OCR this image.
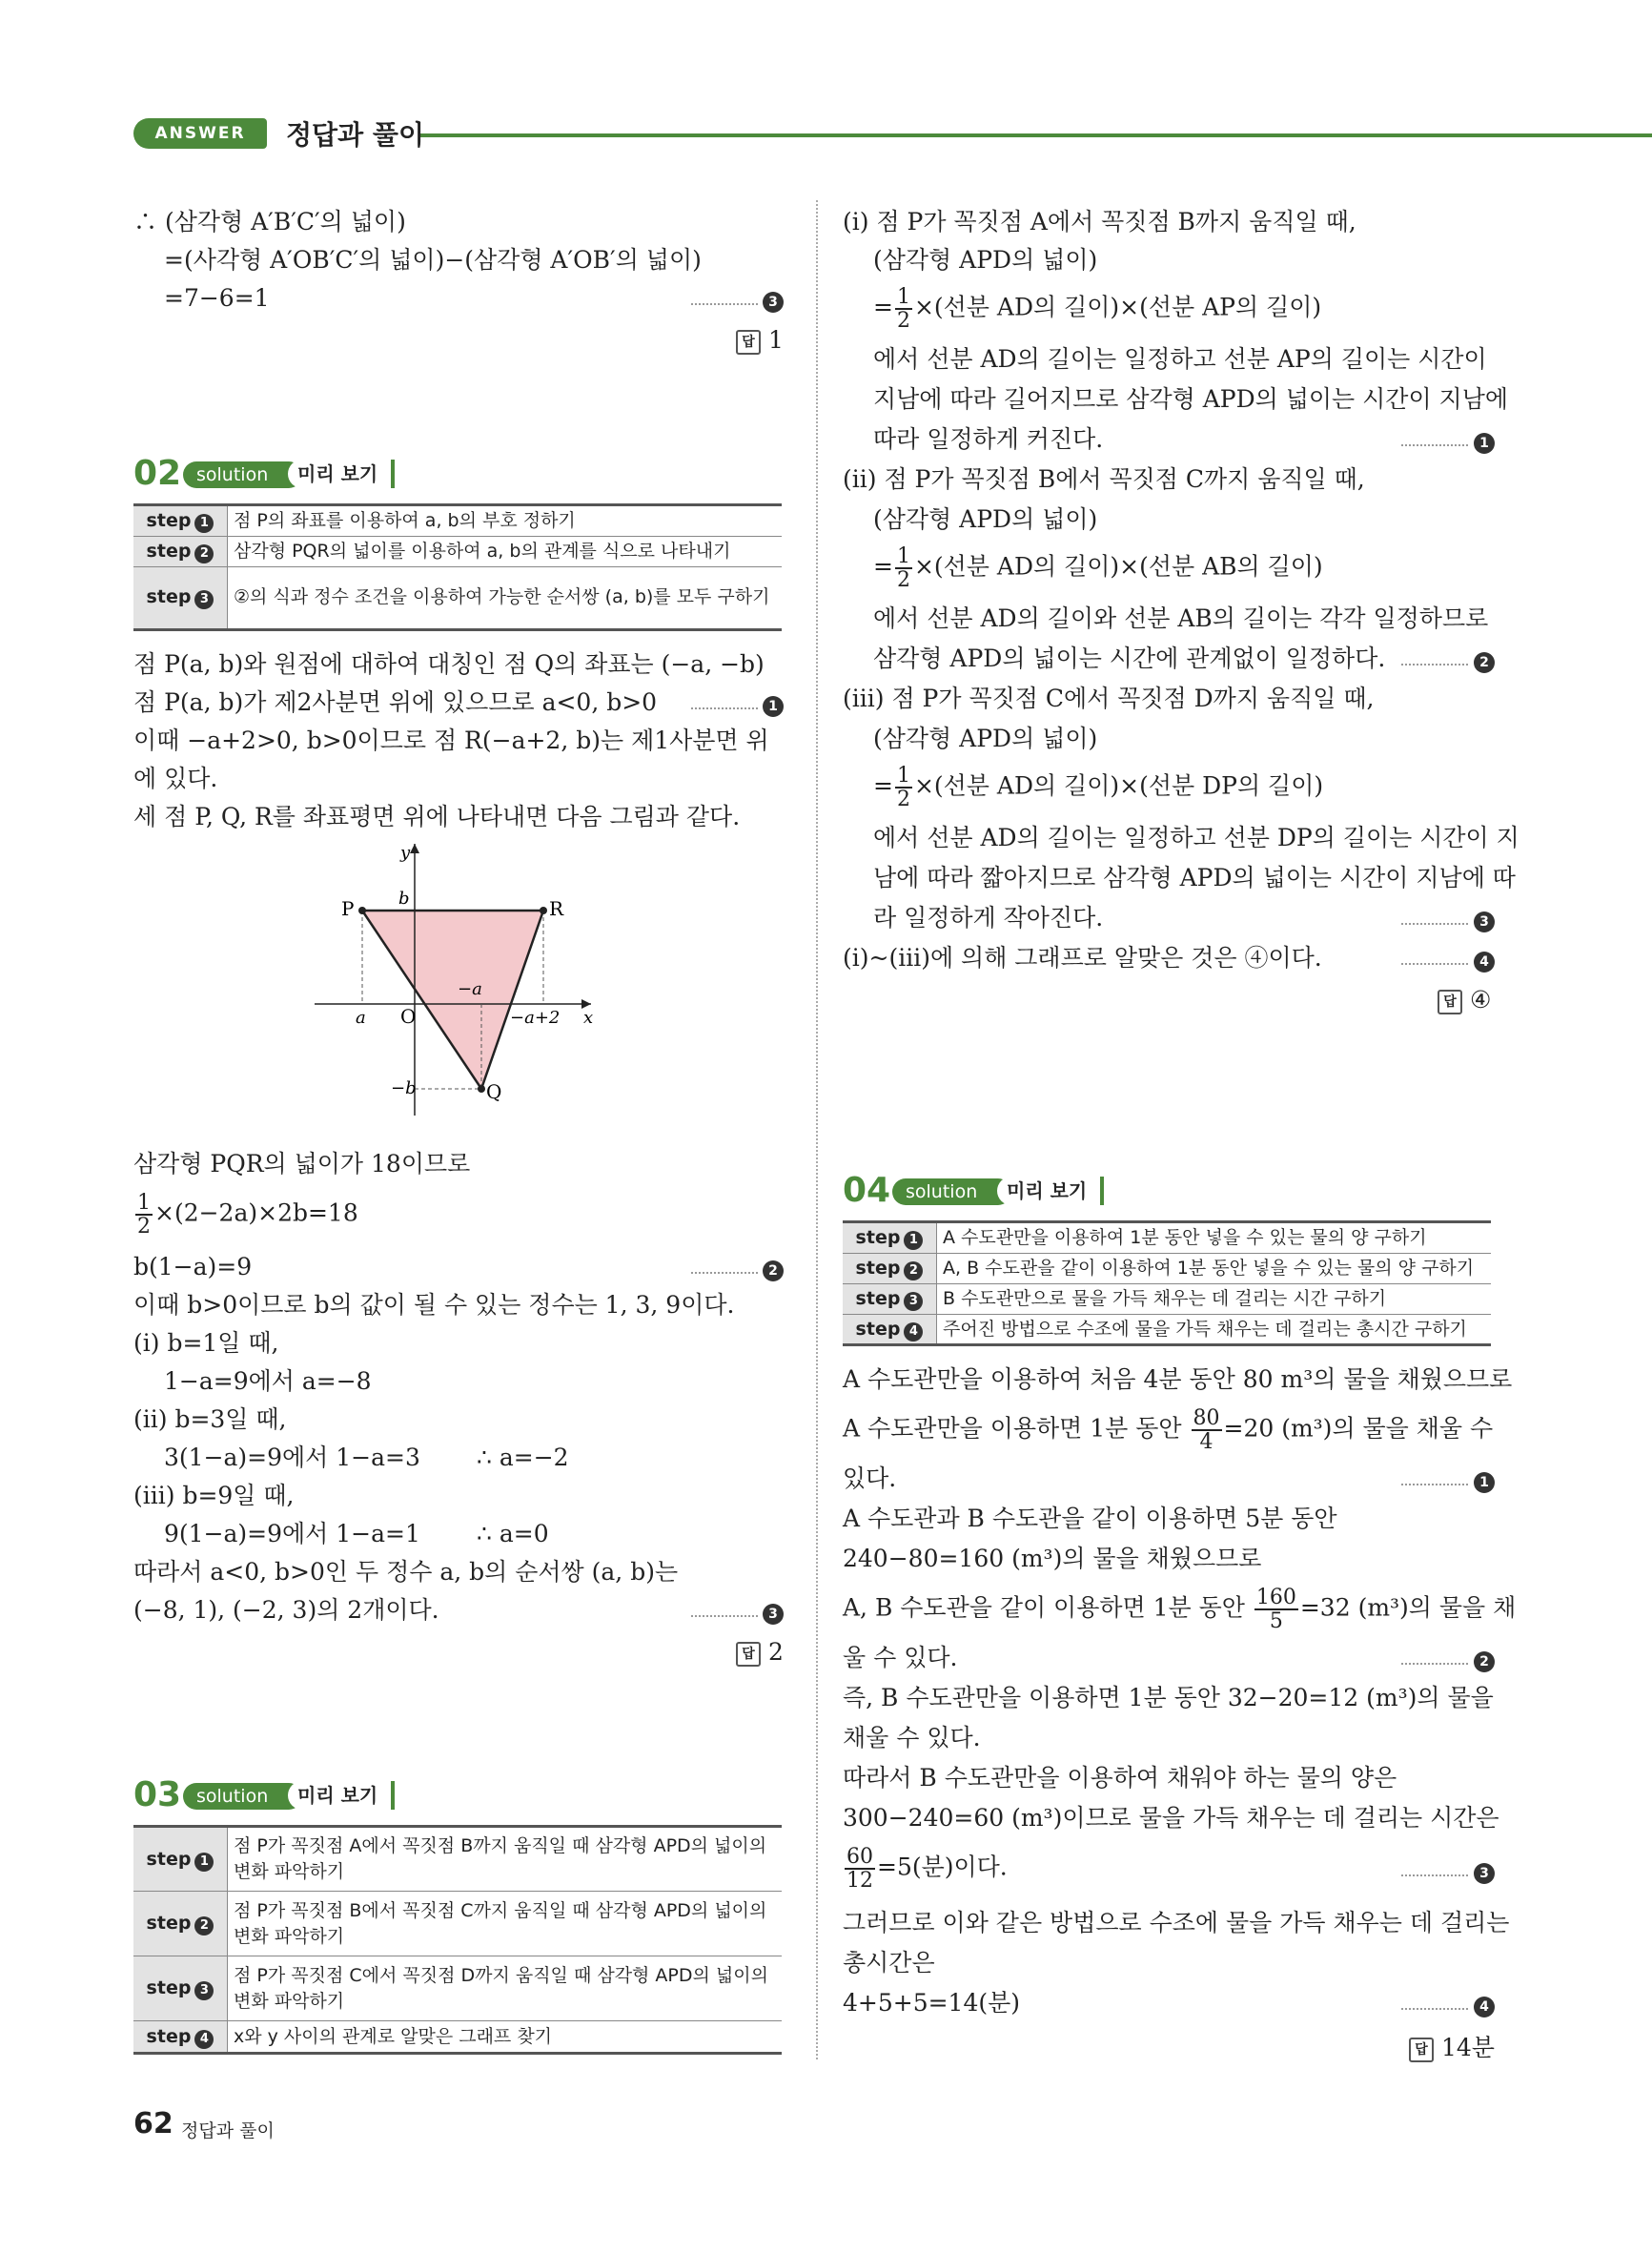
ANSWER	정답과 풀이
∴ (삼각형 A′B′C′의 넓이)
=(사각형 A′OB′C′의 넓이)−(삼각형 A′OB′의 넓이)
=7−6=1	3
답 1
02 solution	미리 보기
step 1	점 P의 좌표를 이용하여 a, b의 부호 정하기
step 2	삼각형 PQR의 넓이를 이용하여 a, b의 관계를 식으로 나타내기
step 3	②의 식과 정수 조건을 이용하여 가능한 순서쌍 (a, b)를 모두 구하기
점 P(a, b)와 원점에 대하여 대칭인 점 Q의 좌표는 (−a, −b)
점 P(a, b)가 제2사분면 위에 있으므로 a<0, b>0	1
이때 −a+2>0, b>0이므로 점 R(−a+2, b)는 제1사분면 위
에 있다.
세 점 P, Q, R를 좌표평면 위에 나타내면 다음 그림과 같다.
y
x
b
P	R
O
a
−a
−a+2
−b	Q
삼각형 PQR의 넓이가 18이므로
$\frac{1}{2} \times(2-2a)\times 2b=18$
b(1−a)=9	2
이때 b>0이므로 b의 값이 될 수 있는 정수는 1, 3, 9이다.
(ⅰ) b=1일 때,
1−a=9에서 a=−8
(ⅱ) b=3일 때,
3(1−a)=9에서 1−a=3 ∴ a=−2
(ⅲ) b=9일 때,
9(1−a)=9에서 1−a=1 ∴ a=0
따라서 a<0, b>0인 두 정수 a, b의 순서쌍 (a, b)는
(−8, 1), (−2, 3)의 2개이다.	3
답 2
03 solution	미리 보기
step 1	점 P가 꼭짓점 A에서 꼭짓점 B까지 움직일 때 삼각형 APD의 넓이의 변화 파악하기
step 2	점 P가 꼭짓점 B에서 꼭짓점 C까지 움직일 때 삼각형 APD의 넓이의 변화 파악하기
step 3	점 P가 꼭짓점 C에서 꼭짓점 D까지 움직일 때 삼각형 APD의 넓이의 변화 파악하기
step 4	x와 y 사이의 관계로 알맞은 그래프 찾기
(ⅰ) 점 P가 꼭짓점 A에서 꼭짓점 B까지 움직일 때,
(삼각형 APD의 넓이)
= $\frac{1}{2}$ ×(선분 AD의 길이)×(선분 AP의 길이)
에서 선분 AD의 길이는 일정하고 선분 AP의 길이는 시간이
지남에 따라 길어지므로 삼각형 APD의 넓이는 시간이 지남에
따라 일정하게 커진다.	1
(ⅱ) 점 P가 꼭짓점 B에서 꼭짓점 C까지 움직일 때,
(삼각형 APD의 넓이)
= $\frac{1}{2}$ ×(선분 AD의 길이)×(선분 AB의 길이)
에서 선분 AD의 길이와 선분 AB의 길이는 각각 일정하므로
삼각형 APD의 넓이는 시간에 관계없이 일정하다.	2
(ⅲ) 점 P가 꼭짓점 C에서 꼭짓점 D까지 움직일 때,
(삼각형 APD의 넓이)
= $\frac{1}{2}$ ×(선분 AD의 길이)×(선분 DP의 길이)
에서 선분 AD의 길이는 일정하고 선분 DP의 길이는 시간이 지
남에 따라 짧아지므로 삼각형 APD의 넓이는 시간이 지남에 따
라 일정하게 작아진다.	3
(ⅰ)~(ⅲ)에 의해 그래프로 알맞은 것은 ④이다.	4
답 ④
04 solution	미리 보기
step 1	A 수도관만을 이용하여 1분 동안 넣을 수 있는 물의 양 구하기
step 2	A, B 수도관을 같이 이용하여 1분 동안 넣을 수 있는 물의 양 구하기
step 3	B 수도관만으로 물을 가득 채우는 데 걸리는 시간 구하기
step 4	주어진 방법으로 수조에 물을 가득 채우는 데 걸리는 총시간 구하기
A 수도관만을 이용하여 처음 4분 동안 80 m³의 물을 채웠으므로
A 수도관만을 이용하면 1분 동안 $\frac{80}{4} =20$ (m³)의 물을 채울 수
있다.	1
A 수도관과 B 수도관을 같이 이용하면 5분 동안
240−80=160 (m³)의 물을 채웠으므로
A, B 수도관을 같이 이용하면 1분 동안 $\frac{160}{5} =32$ (m³)의 물을 채
울 수 있다.	2
즉, B 수도관만을 이용하면 1분 동안 32−20=12 (m³)의 물을
채울 수 있다.
따라서 B 수도관만을 이용하여 채워야 하는 물의 양은
300−240=60 (m³)이므로 물을 가득 채우는 데 걸리는 시간은
$\frac{60}{12} =5$(분)이다.	3
그러므로 이와 같은 방법으로 수조에 물을 가득 채우는 데 걸리는
총시간은
4+5+5=14(분)	4
답 14분
62 정답과 풀이
